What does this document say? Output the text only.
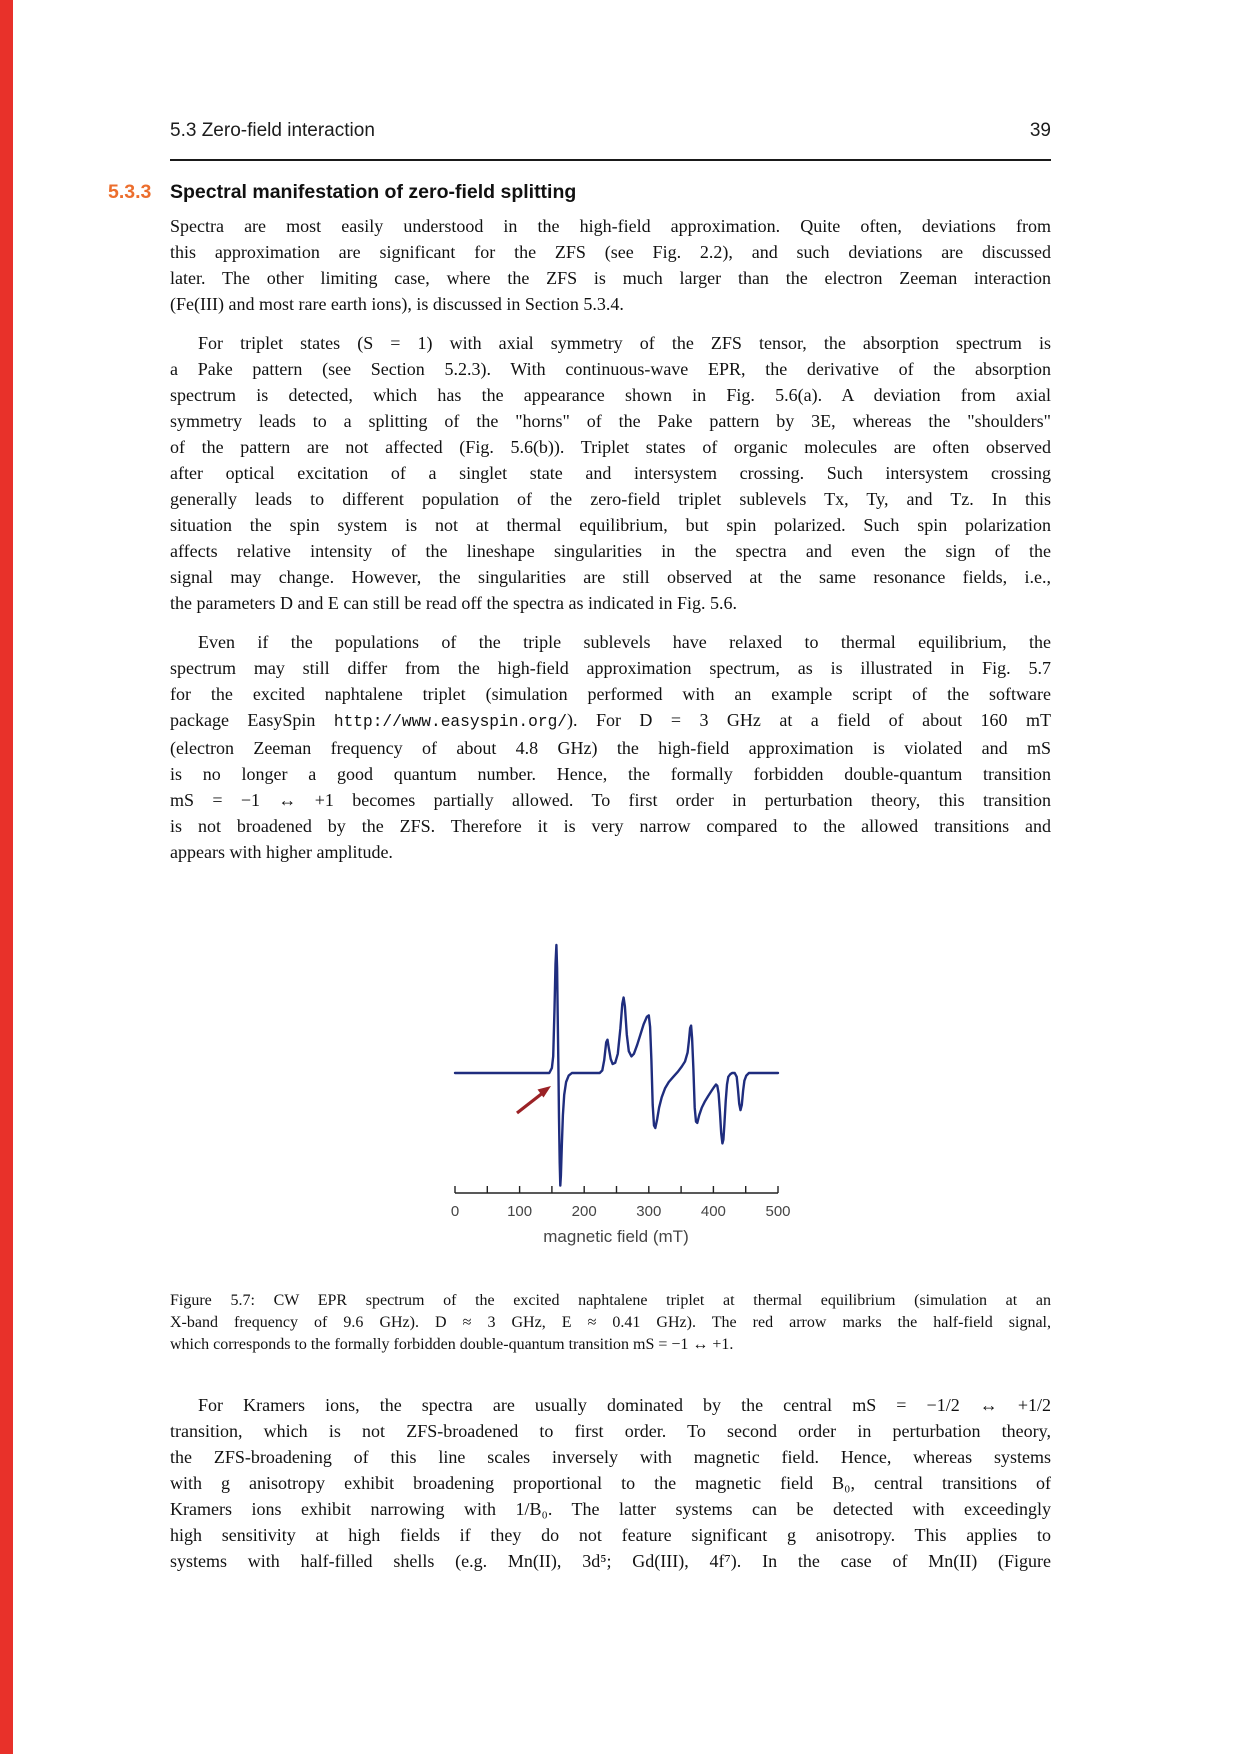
5.3 Zero-field interaction	39
5.3.3 Spectral manifestation of zero-field splitting
Spectra are most easily understood in the high-field approximation. Quite often, deviations from
this approximation are significant for the ZFS (see Fig. 2.2), and such deviations are discussed
later. The other limiting case, where the ZFS is much larger than the electron Zeeman interaction
(Fe(III) and most rare earth ions), is discussed in Section 5.3.4.
For triplet states (S = 1) with axial symmetry of the ZFS tensor, the absorption spectrum is
a Pake pattern (see Section 5.2.3). With continuous-wave EPR, the derivative of the absorption
spectrum is detected, which has the appearance shown in Fig. 5.6(a). A deviation from axial
symmetry leads to a splitting of the "horns" of the Pake pattern by 3E, whereas the "shoulders"
of the pattern are not affected (Fig. 5.6(b)). Triplet states of organic molecules are often observed
after optical excitation of a singlet state and intersystem crossing. Such intersystem crossing
generally leads to different population of the zero-field triplet sublevels Tx, Ty, and Tz. In this
situation the spin system is not at thermal equilibrium, but spin polarized. Such spin polarization
affects relative intensity of the lineshape singularities in the spectra and even the sign of the
signal may change. However, the singularities are still observed at the same resonance fields, i.e.,
the parameters D and E can still be read off the spectra as indicated in Fig. 5.6.
Even if the populations of the triple sublevels have relaxed to thermal equilibrium, the
spectrum may still differ from the high-field approximation spectrum, as is illustrated in Fig. 5.7
for the excited naphtalene triplet (simulation performed with an example script of the software
package EasySpin http://www.easyspin.org/). For D = 3 GHz at a field of about 160 mT
(electron Zeeman frequency of about 4.8 GHz) the high-field approximation is violated and mS
is no longer a good quantum number. Hence, the formally forbidden double-quantum transition
mS = −1 ↔ +1 becomes partially allowed. To first order in perturbation theory, this transition
is not broadened by the ZFS. Therefore it is very narrow compared to the allowed transitions and
appears with higher amplitude.
magnetic field (mT)
0	100	200	300	400	500
Figure 5.7: CW EPR spectrum of the excited naphtalene triplet at thermal equilibrium (simulation at an
X-band frequency of 9.6 GHz). D ≈ 3 GHz, E ≈ 0.41 GHz). The red arrow marks the half-field signal,
which corresponds to the formally forbidden double-quantum transition mS = −1 ↔ +1.
For Kramers ions, the spectra are usually dominated by the central mS = −1/2 ↔ +1/2
transition, which is not ZFS-broadened to first order. To second order in perturbation theory,
the ZFS-broadening of this line scales inversely with magnetic field. Hence, whereas systems
with g anisotropy exhibit broadening proportional to the magnetic field B₀, central transitions of
Kramers ions exhibit narrowing with 1/B₀. The latter systems can be detected with exceedingly
high sensitivity at high fields if they do not feature significant g anisotropy. This applies to
systems with half-filled shells (e.g. Mn(II), 3d⁵; Gd(III), 4f⁷). In the case of Mn(II) (Figure
